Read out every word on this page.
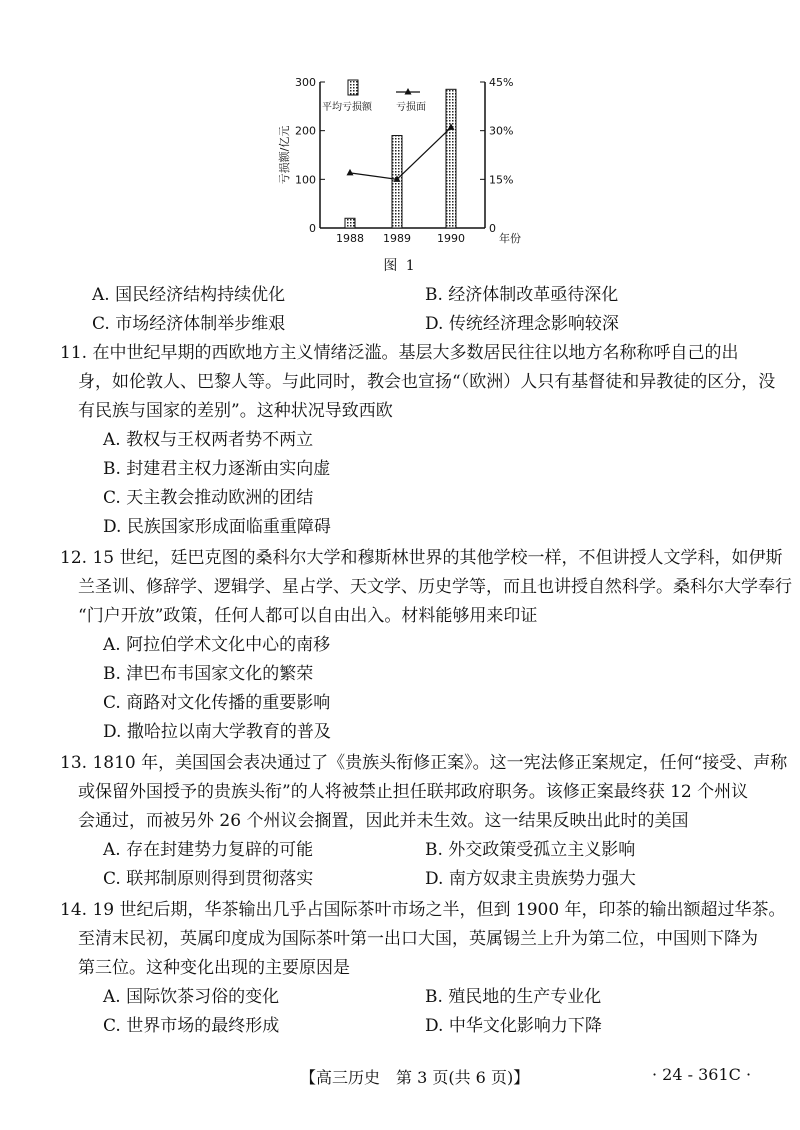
0
100
200
300
0
15%
30%
45%
亏损额/亿元
1988 1989 1990	年份
平均亏损额 亏损面
图 1
A. 国民经济结构持续优化	B. 经济体制改革亟待深化
C. 市场经济体制举步维艰	D. 传统经济理念影响较深
11. 在中世纪早期的西欧地方主义情绪泛滥。基层大多数居民往往以地方名称称呼自己的出
身，如伦敦人、巴黎人等。与此同时，教会也宣扬“（欧洲）人只有基督徒和异教徒的区分，没
有民族与国家的差别”。这种状况导致西欧
A. 教权与王权两者势不两立
B. 封建君主权力逐渐由实向虚
C. 天主教会推动欧洲的团结
D. 民族国家形成面临重重障碍
12. 15 世纪，廷巴克图的桑科尔大学和穆斯林世界的其他学校一样，不但讲授人文学科，如伊斯
兰圣训、修辞学、逻辑学、星占学、天文学、历史学等，而且也讲授自然科学。桑科尔大学奉行
“门户开放”政策，任何人都可以自由出入。材料能够用来印证
A. 阿拉伯学术文化中心的南移
B. 津巴布韦国家文化的繁荣
C. 商路对文化传播的重要影响
D. 撒哈拉以南大学教育的普及
13. 1810 年，美国国会表决通过了《贵族头衔修正案》。这一宪法修正案规定，任何“接受、声称
或保留外国授予的贵族头衔”的人将被禁止担任联邦政府职务。该修正案最终获 12 个州议
会通过，而被另外 26 个州议会搁置，因此并未生效。这一结果反映出此时的美国
A. 存在封建势力复辟的可能	B. 外交政策受孤立主义影响
C. 联邦制原则得到贯彻落实	D. 南方奴隶主贵族势力强大
14. 19 世纪后期，华茶输出几乎占国际茶叶市场之半，但到 1900 年，印茶的输出额超过华茶。
至清末民初，英属印度成为国际茶叶第一出口大国，英属锡兰上升为第二位，中国则下降为
第三位。这种变化出现的主要原因是
A. 国际饮茶习俗的变化	B. 殖民地的生产专业化
C. 世界市场的最终形成	D. 中华文化影响力下降
【高三历史　第 3 页(共 6 页)】	· 24 - 361C ·
